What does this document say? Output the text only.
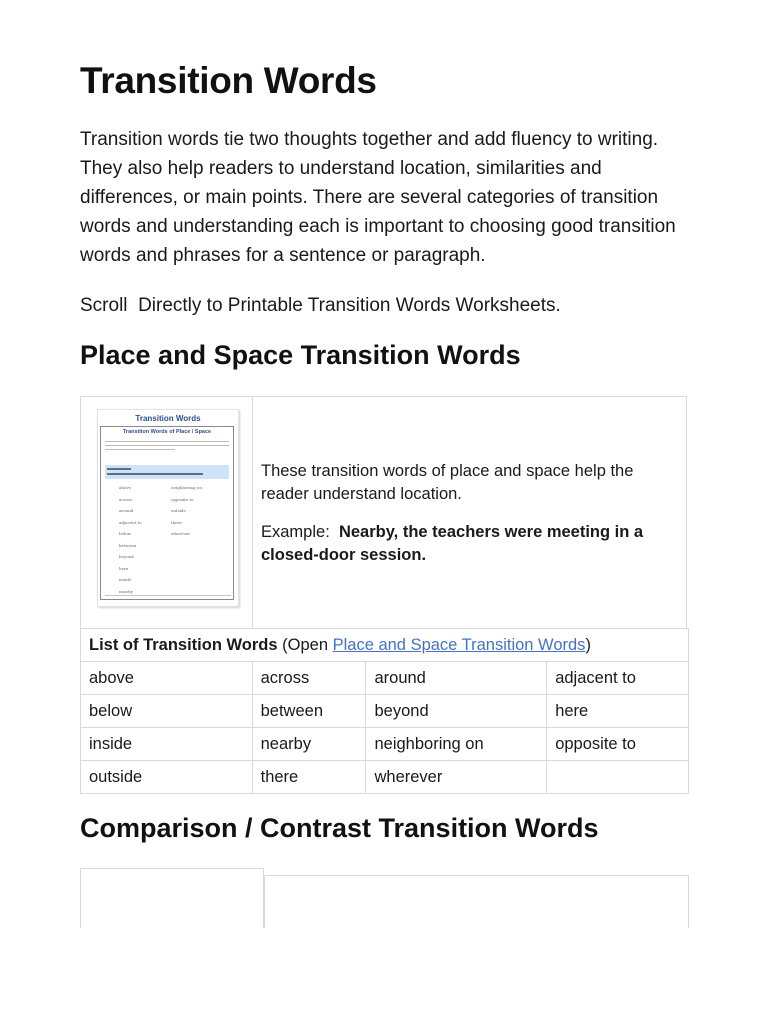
Transition Words

Transition words tie two thoughts together and add fluency to writing. They also help readers to understand location, similarities and differences, or main points. There are several categories of transition words and understanding each is important to choosing good transition words and phrases for a sentence or paragraph.

Scroll  Directly to Printable Transition Words Worksheets.

Place and Space Transition Words
Transition Words
Transition Words of Place / Space
above
across
around
adjacent to
below
between
beyond
here
inside
nearby
neighboring on
opposite to
outside
there
wherever

These transition words of place and space help the reader understand location.

Example: Nearby, the teachers were meeting in a closed-door session.

List of Transition Words (Open Place and Space Transition Words)			
above	across	around	adjacent to
below	between	beyond	here
inside	nearby	neighboring on	opposite to
outside	there	wherever	
Comparison / Contrast Transition Words
